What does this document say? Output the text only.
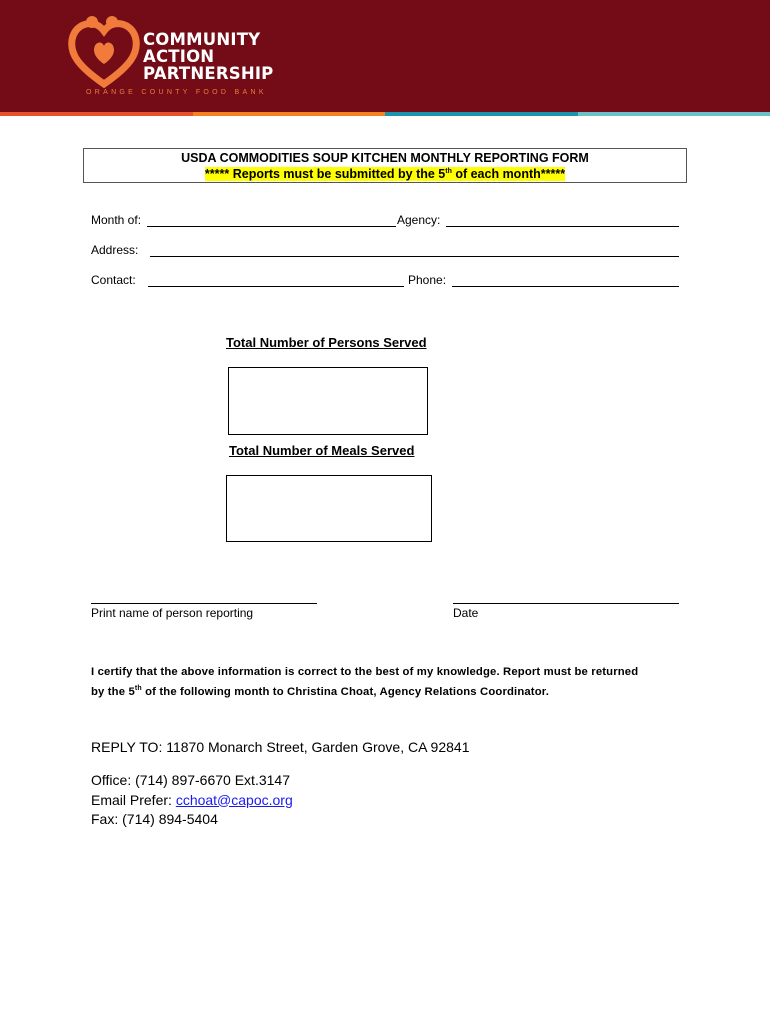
COMMUNITY
ACTION
PARTNERSHIP
ORANGE COUNTY FOOD BANK
USDA COMMODITIES SOUP KITCHEN MONTHLY REPORTING FORM
***** Reports must be submitted by the 5th of each month*****
Month of:	Agency:
Address:
Contact:	Phone:
Total Number of Persons Served
Total Number of Meals Served
Print name of person reporting	Date
I certify that the above information is correct to the best of my knowledge. Report must be returned by the 5th of the following month to Christina Choat, Agency Relations Coordinator.
REPLY TO: 11870 Monarch Street, Garden Grove, CA 92841
Office: (714) 897-6670 Ext.3147
Email Prefer: cchoat@capoc.org
Fax: (714) 894-5404
